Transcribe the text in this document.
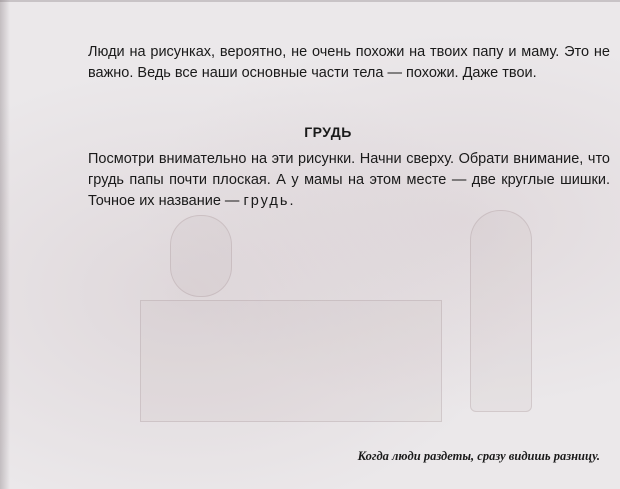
Люди на рисунках, вероятно, не очень похожи на твоих папу и маму. Это не важно. Ведь все наши основные части тела — похожи. Даже твои.

ГРУДЬ

Посмотри внимательно на эти рисунки. Начни сверху. Обрати внимание, что грудь папы почти плоская. А у мамы на этом месте — две круглые шишки. Точное их название — грудь.

Когда люди раздеты, сразу видишь разницу.
